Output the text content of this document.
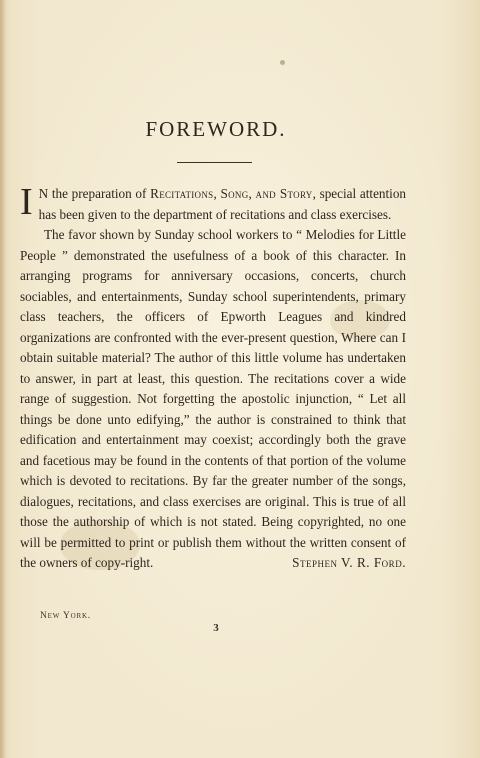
FOREWORD.

I N the preparation of Recitations, Song, and Story, special attention has been given to the department of recitations and class exercises.

The favor shown by Sunday school workers to “ Melodies for Little People ” demonstrated the usefulness of a book of this character. In arranging programs for anniversary occasions, concerts, church sociables, and entertainments, Sunday school superintendents, primary class teachers, the officers of Epworth Leagues and kindred organizations are confronted with the ever-present question, Where can I obtain suitable material? The author of this little volume has undertaken to answer, in part at least, this question. The recitations cover a wide range of suggestion. Not forgetting the apostolic injunction, “ Let all things be done unto edifying,” the author is constrained to think that edification and entertainment may coexist; accordingly both the grave and facetious may be found in the contents of that portion of the volume which is devoted to recitations. By far the greater number of the songs, dialogues, recitations, and class exercises are original. This is true of all those the authorship of which is not stated. Being copyrighted, no one will be permitted to print or publish them without the written consent of the owners of copy-right.	Stephen V. R. Ford.

New York.
3
